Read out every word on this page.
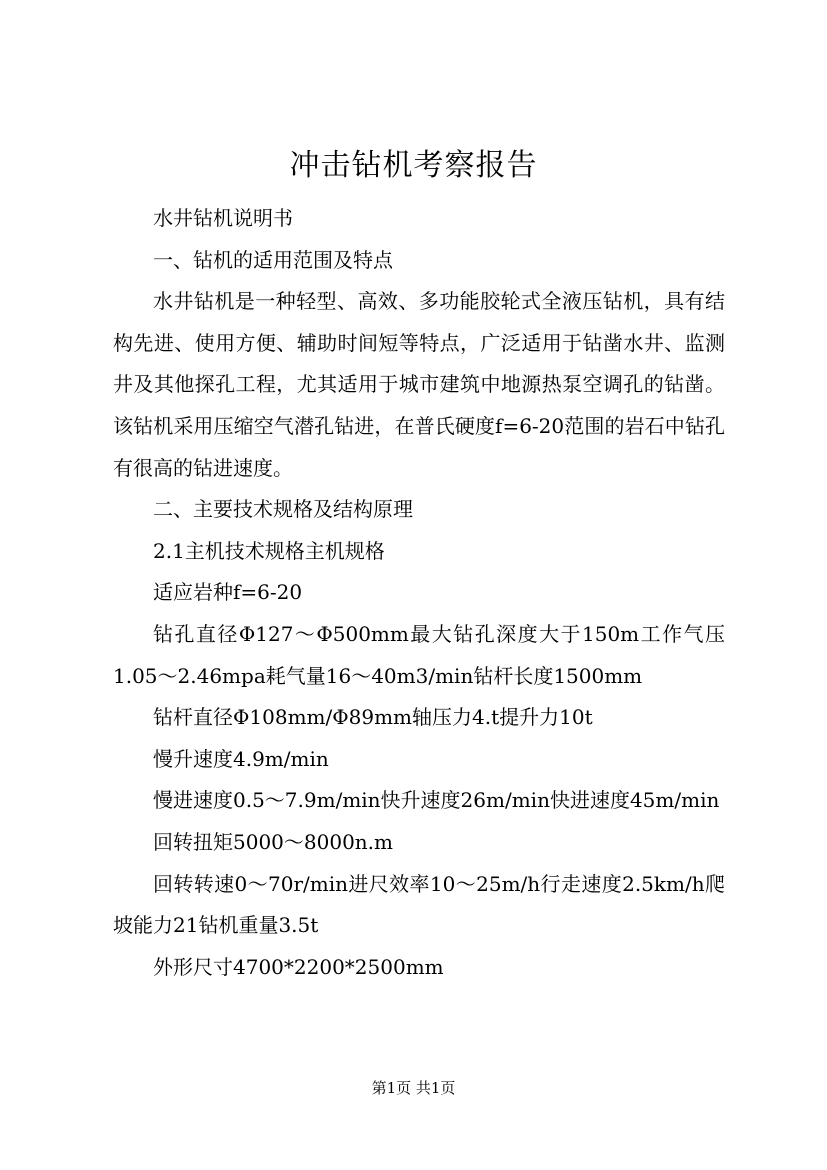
冲击钻机考察报告

水井钻机说明书

一、钻机的适用范围及特点

水井钻机是一种轻型、高效、多功能胶轮式全液压钻机，具有结构先进、使用方便、辅助时间短等特点，广泛适用于钻凿水井、监测井及其他探孔工程，尤其适用于城市建筑中地源热泵空调孔的钻凿。该钻机采用压缩空气潜孔钻进，在普氏硬度f=6-20范围的岩石中钻孔有很高的钻进速度。

二、主要技术规格及结构原理

2.1主机技术规格主机规格

适应岩种f=6-20

钻孔直径Φ127～Φ500mm最大钻孔深度大于150m工作气压1.05～2.46mpa耗气量16～40m3/min钻杆长度1500mm

钻杆直径Φ108mm/Φ89mm轴压力4.t提升力10t

慢升速度4.9m/min

慢进速度0.5～7.9m/min快升速度26m/min快进速度45m/min

回转扭矩5000～8000n.m

回转转速0～70r/min进尺效率10～25m/h行走速度2.5km/h爬坡能力21钻机重量3.5t

外形尺寸4700*2200*2500mm

第1页 共1页
